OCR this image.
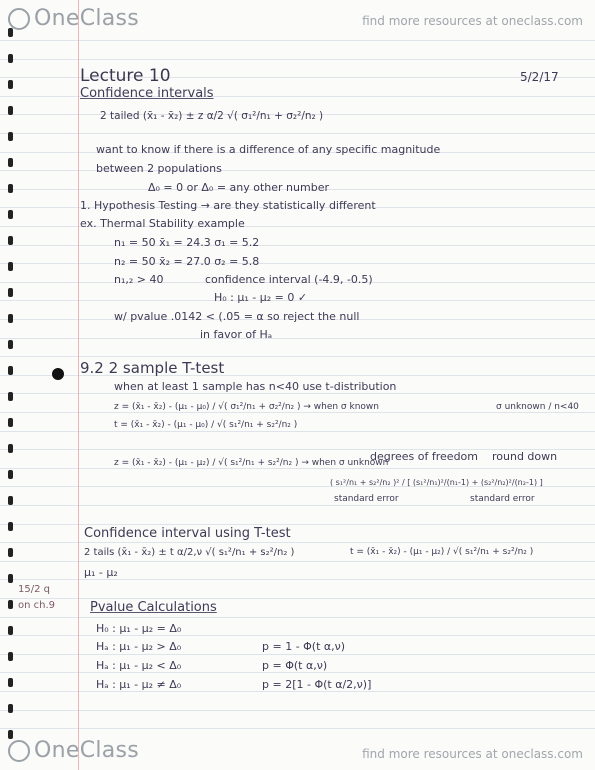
OneClass	find more resources at oneclass.com
Lecture 10	5/2/17
Confidence intervals
2 tailed (x̄₁ - x̄₂) ± z α/2 √( σ₁²/n₁ + σ₂²/n₂ )
want to know if there is a difference of any specific magnitude
between 2 populations
Δ₀ = 0 or Δ₀ = any other number
1. Hypothesis Testing → are they statistically different
ex. Thermal Stability example
n₁ = 50 x̄₁ = 24.3 σ₁ = 5.2
n₂ = 50 x̄₂ = 27.0 σ₂ = 5.8
n₁,₂ > 40	confidence interval (-4.9, -0.5)
H₀ : μ₁ - μ₂ = 0 ✓
w/ pvalue .0142 < (.05 = α so reject the null
in favor of Hₐ
9.2 2 sample T-test
when at least 1 sample has n<40 use t-distribution
z = (x̄₁ - x̄₂) - (μ₁ - μ₀) / √( σ₁²/n₁ + σ₂²/n₂ ) → when σ known
t = (x̄₁ - x̄₂) - (μ₁ - μ₀) / √( s₁²/n₁ + s₂²/n₂ )
σ unknown / n<40
z = (x̄₁ - x̄₂) - (μ₁ - μ₂) / √( s₁²/n₁ + s₂²/n₂ ) → when σ unknown
degrees of freedom round down
( s₁²/n₁ + s₂²/n₂ )² / [ (s₁²/n₁)²/(n₁-1) + (s₂²/n₂)²/(n₂-1) ]
standard error	standard error
Confidence interval using T-test
2 tails (x̄₁ - x̄₂) ± t α/2,ν √( s₁²/n₁ + s₂²/n₂ )
μ₁ - μ₂
t = (x̄₁ - x̄₂) - (μ₁ - μ₂) / √( s₁²/n₁ + s₂²/n₂ )
15/2 q
on ch.9	Pvalue Calculations
H₀ : μ₁ - μ₂ = Δ₀
Hₐ : μ₁ - μ₂ > Δ₀	p = 1 - Φ(t α,ν)
Hₐ : μ₁ - μ₂ < Δ₀	p = Φ(t α,ν)
Hₐ : μ₁ - μ₂ ≠ Δ₀	p = 2[1 - Φ(t α/2,ν)]
OneClass	find more resources at oneclass.com
